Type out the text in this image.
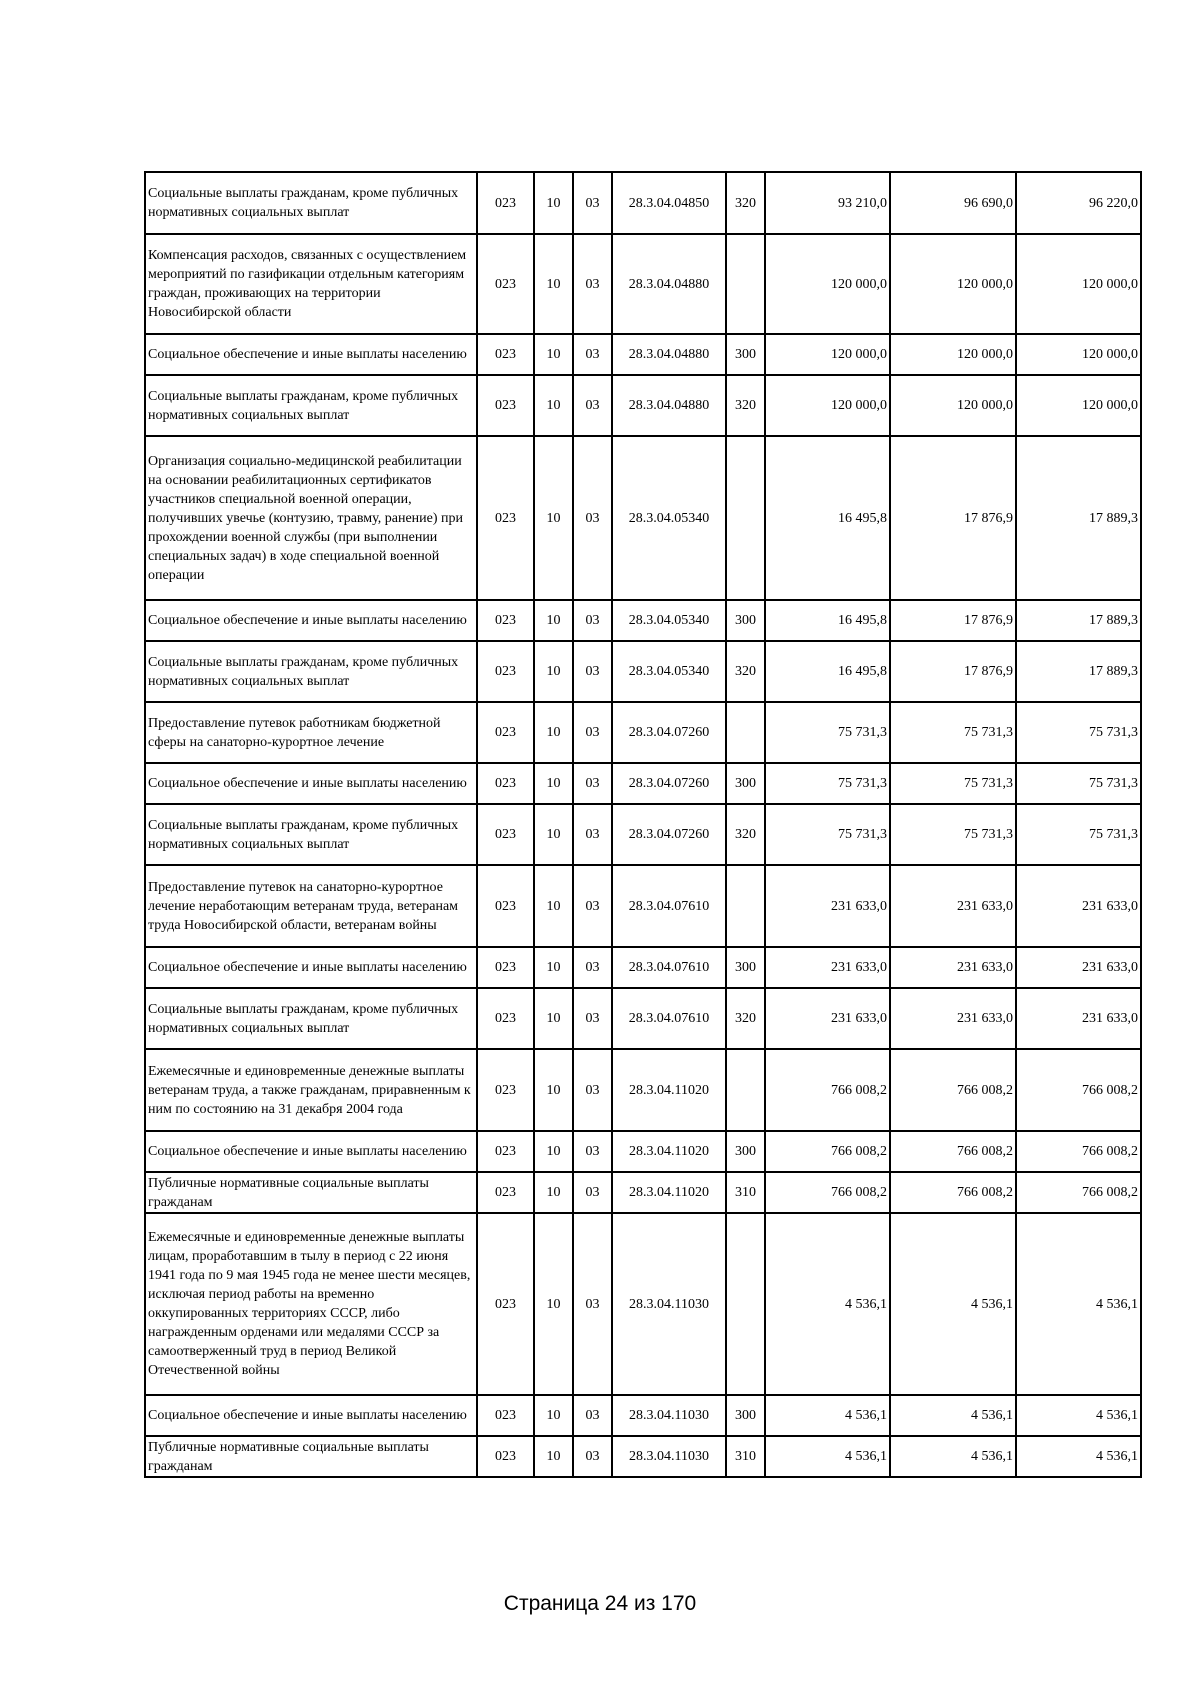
Социальные выплаты гражданам, кроме публичных нормативных социальных выплат	023	10	03	28.3.04.04850	320	93 210,0	96 690,0	96 220,0
Компенсация расходов, связанных с осуществлением мероприятий по газификации отдельным категориям граждан, проживающих на территории Новосибирской области	023	10	03	28.3.04.04880		120 000,0	120 000,0	120 000,0
Социальное обеспечение и иные выплаты населению	023	10	03	28.3.04.04880	300	120 000,0	120 000,0	120 000,0
Социальные выплаты гражданам, кроме публичных нормативных социальных выплат	023	10	03	28.3.04.04880	320	120 000,0	120 000,0	120 000,0
Организация социально-медицинской реабилитации на основании реабилитационных сертификатов участников специальной военной операции, получивших увечье (контузию, травму, ранение) при прохождении военной службы (при выполнении специальных задач) в ходе специальной военной операции	023	10	03	28.3.04.05340		16 495,8	17 876,9	17 889,3
Социальное обеспечение и иные выплаты населению	023	10	03	28.3.04.05340	300	16 495,8	17 876,9	17 889,3
Социальные выплаты гражданам, кроме публичных нормативных социальных выплат	023	10	03	28.3.04.05340	320	16 495,8	17 876,9	17 889,3
Предоставление путевок работникам бюджетной сферы на санаторно-курортное лечение	023	10	03	28.3.04.07260		75 731,3	75 731,3	75 731,3
Социальное обеспечение и иные выплаты населению	023	10	03	28.3.04.07260	300	75 731,3	75 731,3	75 731,3
Социальные выплаты гражданам, кроме публичных нормативных социальных выплат	023	10	03	28.3.04.07260	320	75 731,3	75 731,3	75 731,3
Предоставление путевок на санаторно-курортное лечение неработающим ветеранам труда, ветеранам труда Новосибирской области, ветеранам войны	023	10	03	28.3.04.07610		231 633,0	231 633,0	231 633,0
Социальное обеспечение и иные выплаты населению	023	10	03	28.3.04.07610	300	231 633,0	231 633,0	231 633,0
Социальные выплаты гражданам, кроме публичных нормативных социальных выплат	023	10	03	28.3.04.07610	320	231 633,0	231 633,0	231 633,0
Ежемесячные и единовременные денежные выплаты ветеранам труда, а также гражданам, приравненным к ним по состоянию на 31 декабря 2004 года	023	10	03	28.3.04.11020		766 008,2	766 008,2	766 008,2
Социальное обеспечение и иные выплаты населению	023	10	03	28.3.04.11020	300	766 008,2	766 008,2	766 008,2
Публичные нормативные социальные выплаты гражданам	023	10	03	28.3.04.11020	310	766 008,2	766 008,2	766 008,2
Ежемесячные и единовременные денежные выплаты лицам, проработавшим в тылу в период с 22 июня 1941 года по 9 мая 1945 года не менее шести месяцев, исключая период работы на временно оккупированных территориях СССР, либо награжденным орденами или медалями СССР за самоотверженный труд в период Великой Отечественной войны	023	10	03	28.3.04.11030		4 536,1	4 536,1	4 536,1
Социальное обеспечение и иные выплаты населению	023	10	03	28.3.04.11030	300	4 536,1	4 536,1	4 536,1
Публичные нормативные социальные выплаты гражданам	023	10	03	28.3.04.11030	310	4 536,1	4 536,1	4 536,1
Страница 24 из 170
